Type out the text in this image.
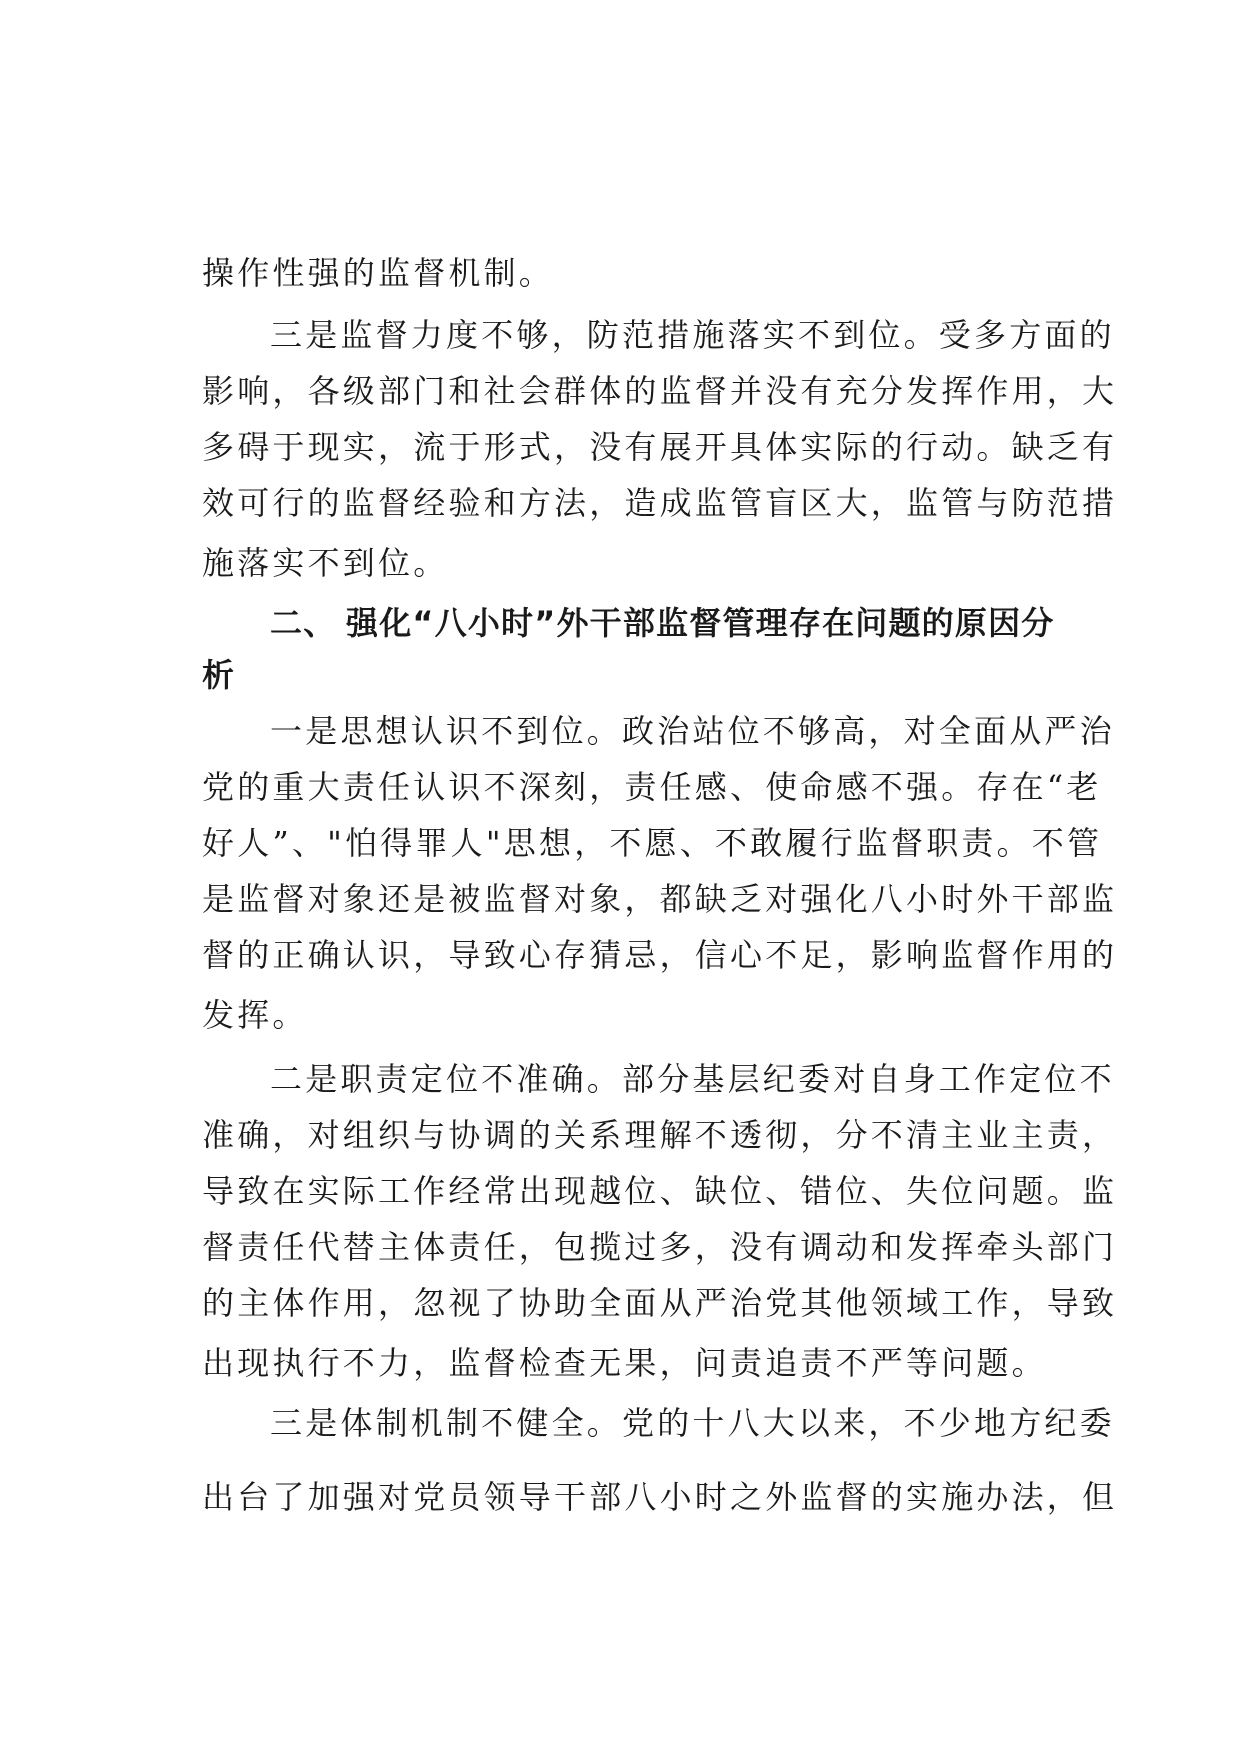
操作性强的监督机制。
三是监督力度不够，防范措施落实不到位。受多方面的
影响，各级部门和社会群体的监督并没有充分发挥作用，大
多碍于现实，流于形式，没有展开具体实际的行动。缺乏有
效可行的监督经验和方法，造成监管盲区大，监管与防范措
施落实不到位。
二、 强化“八小时”外干部监督管理存在问题的原因分
析
一是思想认识不到位。政治站位不够高，对全面从严治
党的重大责任认识不深刻，责任感、使命感不强。存在“老
好人”、"怕得罪人"思想，不愿、不敢履行监督职责。不管
是监督对象还是被监督对象，都缺乏对强化八小时外干部监
督的正确认识，导致心存猜忌，信心不足，影响监督作用的
发挥。
二是职责定位不准确。部分基层纪委对自身工作定位不
准确，对组织与协调的关系理解不透彻，分不清主业主责，
导致在实际工作经常出现越位、缺位、错位、失位问题。监
督责任代替主体责任，包揽过多，没有调动和发挥牵头部门
的主体作用，忽视了协助全面从严治党其他领域工作，导致
出现执行不力，监督检查无果，问责追责不严等问题。
三是体制机制不健全。党的十八大以来，不少地方纪委
出台了加强对党员领导干部八小时之外监督的实施办法，但
